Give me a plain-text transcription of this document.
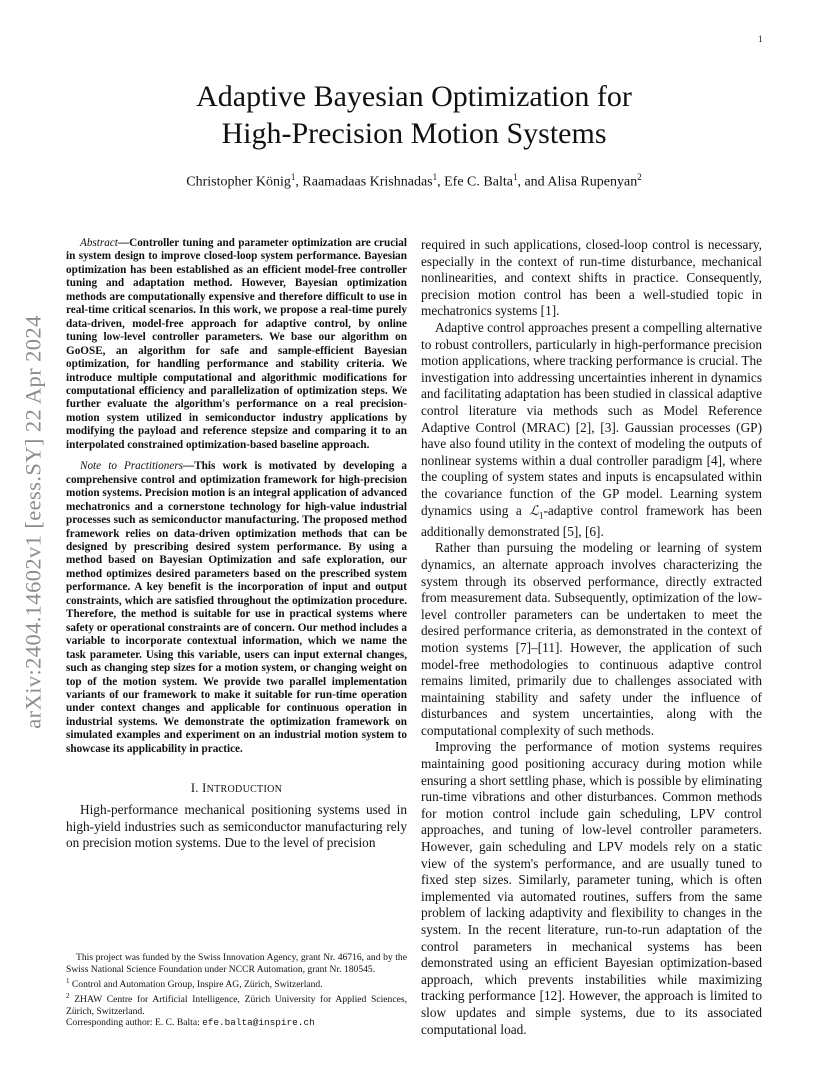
1
arXiv:2404.14602v1 [eess.SY] 22 Apr 2024
Adaptive Bayesian Optimization for
High-Precision Motion Systems
Christopher König$^1$, Raamadaas Krishnadas$^1$, Efe C. Balta$^1$, and Alisa Rupenyan$^2$

Abstract—Controller tuning and parameter optimization are crucial in system design to improve closed-loop system performance. Bayesian optimization has been established as an efficient model-free controller tuning and adaptation method. However, Bayesian optimization methods are computationally expensive and therefore difficult to use in real-time critical scenarios. In this work, we propose a real-time purely data-driven, model-free approach for adaptive control, by online tuning low-level controller parameters. We base our algorithm on GoOSE, an algorithm for safe and sample-efficient Bayesian optimization, for handling performance and stability criteria. We introduce multiple computational and algorithmic modifications for computational efficiency and parallelization of optimization steps. We further evaluate the algorithm's performance on a real precision-motion system utilized in semiconductor industry applications by modifying the payload and reference stepsize and comparing it to an interpolated constrained optimization-based baseline approach.

Note to Practitioners—This work is motivated by developing a comprehensive control and optimization framework for high-precision motion systems. Precision motion is an integral application of advanced mechatronics and a cornerstone technology for high-value industrial processes such as semiconductor manufacturing. The proposed method framework relies on data-driven optimization methods that can be designed by prescribing desired system performance. By using a method based on Bayesian Optimization and safe exploration, our method optimizes desired parameters based on the prescribed system performance. A key benefit is the incorporation of input and output constraints, which are satisfied throughout the optimization procedure. Therefore, the method is suitable for use in practical systems where safety or operational constraints are of concern. Our method includes a variable to incorporate contextual information, which we name the task parameter. Using this variable, users can input external changes, such as changing step sizes for a motion system, or changing weight on top of the motion system. We provide two parallel implementation variants of our framework to make it suitable for run-time operation under context changes and applicable for continuous operation in industrial systems. We demonstrate the optimization framework on simulated examples and experiment on an industrial motion system to showcase its applicability in practice.

I. INTRODUCTION

High-performance mechanical positioning systems used in high-yield industries such as semiconductor manufacturing rely on precision motion systems. Due to the level of precision

required in such applications, closed-loop control is necessary, especially in the context of run-time disturbance, mechanical nonlinearities, and context shifts in practice. Consequently, precision motion control has been a well-studied topic in mechatronics systems [1].

Adaptive control approaches present a compelling alternative to robust controllers, particularly in high-performance precision motion applications, where tracking performance is crucial. The investigation into addressing uncertainties inherent in dynamics and facilitating adaptation has been studied in classical adaptive control literature via methods such as Model Reference Adaptive Control (MRAC) [2], [3]. Gaussian processes (GP) have also found utility in the context of modeling the outputs of nonlinear systems within a dual controller paradigm [4], where the coupling of system states and inputs is encapsulated within the covariance function of the GP model. Learning system dynamics using a ℒ$_1$-adaptive control framework has been additionally demonstrated [5], [6].

Rather than pursuing the modeling or learning of system dynamics, an alternate approach involves characterizing the system through its observed performance, directly extracted from measurement data. Subsequently, optimization of the low-level controller parameters can be undertaken to meet the desired performance criteria, as demonstrated in the context of motion systems [7]–[11]. However, the application of such model-free methodologies to continuous adaptive control remains limited, primarily due to challenges associated with maintaining stability and safety under the influence of disturbances and system uncertainties, along with the computational complexity of such methods.

Improving the performance of motion systems requires maintaining good positioning accuracy during motion while ensuring a short settling phase, which is possible by eliminating run-time vibrations and other disturbances. Common methods for motion control include gain scheduling, LPV control approaches, and tuning of low-level controller parameters. However, gain scheduling and LPV models rely on a static view of the system's performance, and are usually tuned to fixed step sizes. Similarly, parameter tuning, which is often implemented via automated routines, suffers from the same problem of lacking adaptivity and flexibility to changes in the system. In the recent literature, run-to-run adaptation of the control parameters in mechanical systems has been demonstrated using an efficient Bayesian optimization-based approach, which prevents instabilities while maximizing tracking performance [12]. However, the approach is limited to slow updates and simple systems, due to its associated computational load.

This project was funded by the Swiss Innovation Agency, grant Nr. 46716, and by the Swiss National Science Foundation under NCCR Automation, grant Nr. 180545.

$^1$ Control and Automation Group, Inspire AG, Zürich, Switzerland.

$^2$ ZHAW Centre for Artificial Intelligence, Zürich University for Applied Sciences, Zürich, Switzerland.

Corresponding author: E. C. Balta: efe.balta@inspire.ch
